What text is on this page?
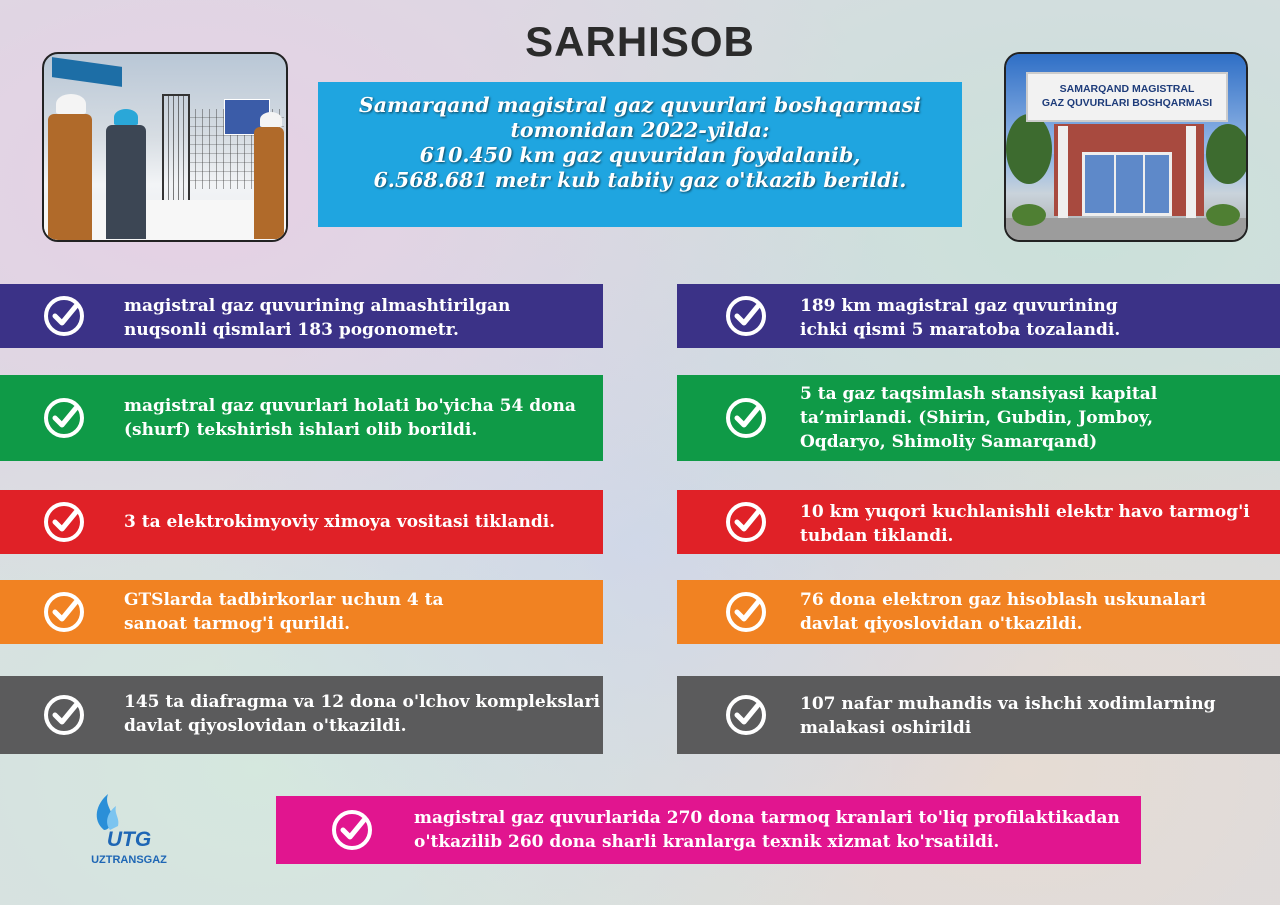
SARHISOB
Samarqand magistral gaz quvurlari boshqarmasi
tomonidan 2022-yilda:
610.450 km gaz quvuridan foydalanib,
6.568.681 metr kub tabiiy gaz o'tkazib berildi.
SAMARQAND MAGISTRAL
GAZ QUVURLARI BOSHQARMASI
magistral gaz quvurining almashtirilgan
nuqsonli qismlari 183 pogonometr.
magistral gaz quvurlari holati bo'yicha 54 dona
(shurf) tekshirish ishlari olib borildi.
3 ta elektrokimyoviy ximoya vositasi tiklandi.
GTSlarda tadbirkorlar uchun 4 ta
sanoat tarmog'i qurildi.
145 ta diafragma va 12 dona o'lchov komplekslari
davlat qiyoslovidan o'tkazildi.
189 km magistral gaz quvurining
ichki qismi 5 maratoba tozalandi.
5 ta gaz taqsimlash stansiyasi kapital
ta’mirlandi. (Shirin, Gubdin, Jomboy,
Oqdaryo, Shimoliy Samarqand)
10 km yuqori kuchlanishli elektr havo tarmog'i
tubdan tiklandi.
76 dona elektron gaz hisoblash uskunalari
davlat qiyoslovidan o'tkazildi.
107 nafar muhandis va ishchi xodimlarning
malakasi oshirildi
magistral gaz quvurlarida 270 dona tarmoq kranlari to'liq profilaktikadan
o'tkazilib 260 dona sharli kranlarga texnik xizmat ko'rsatildi.
UTG
UZTRANSGAZ
